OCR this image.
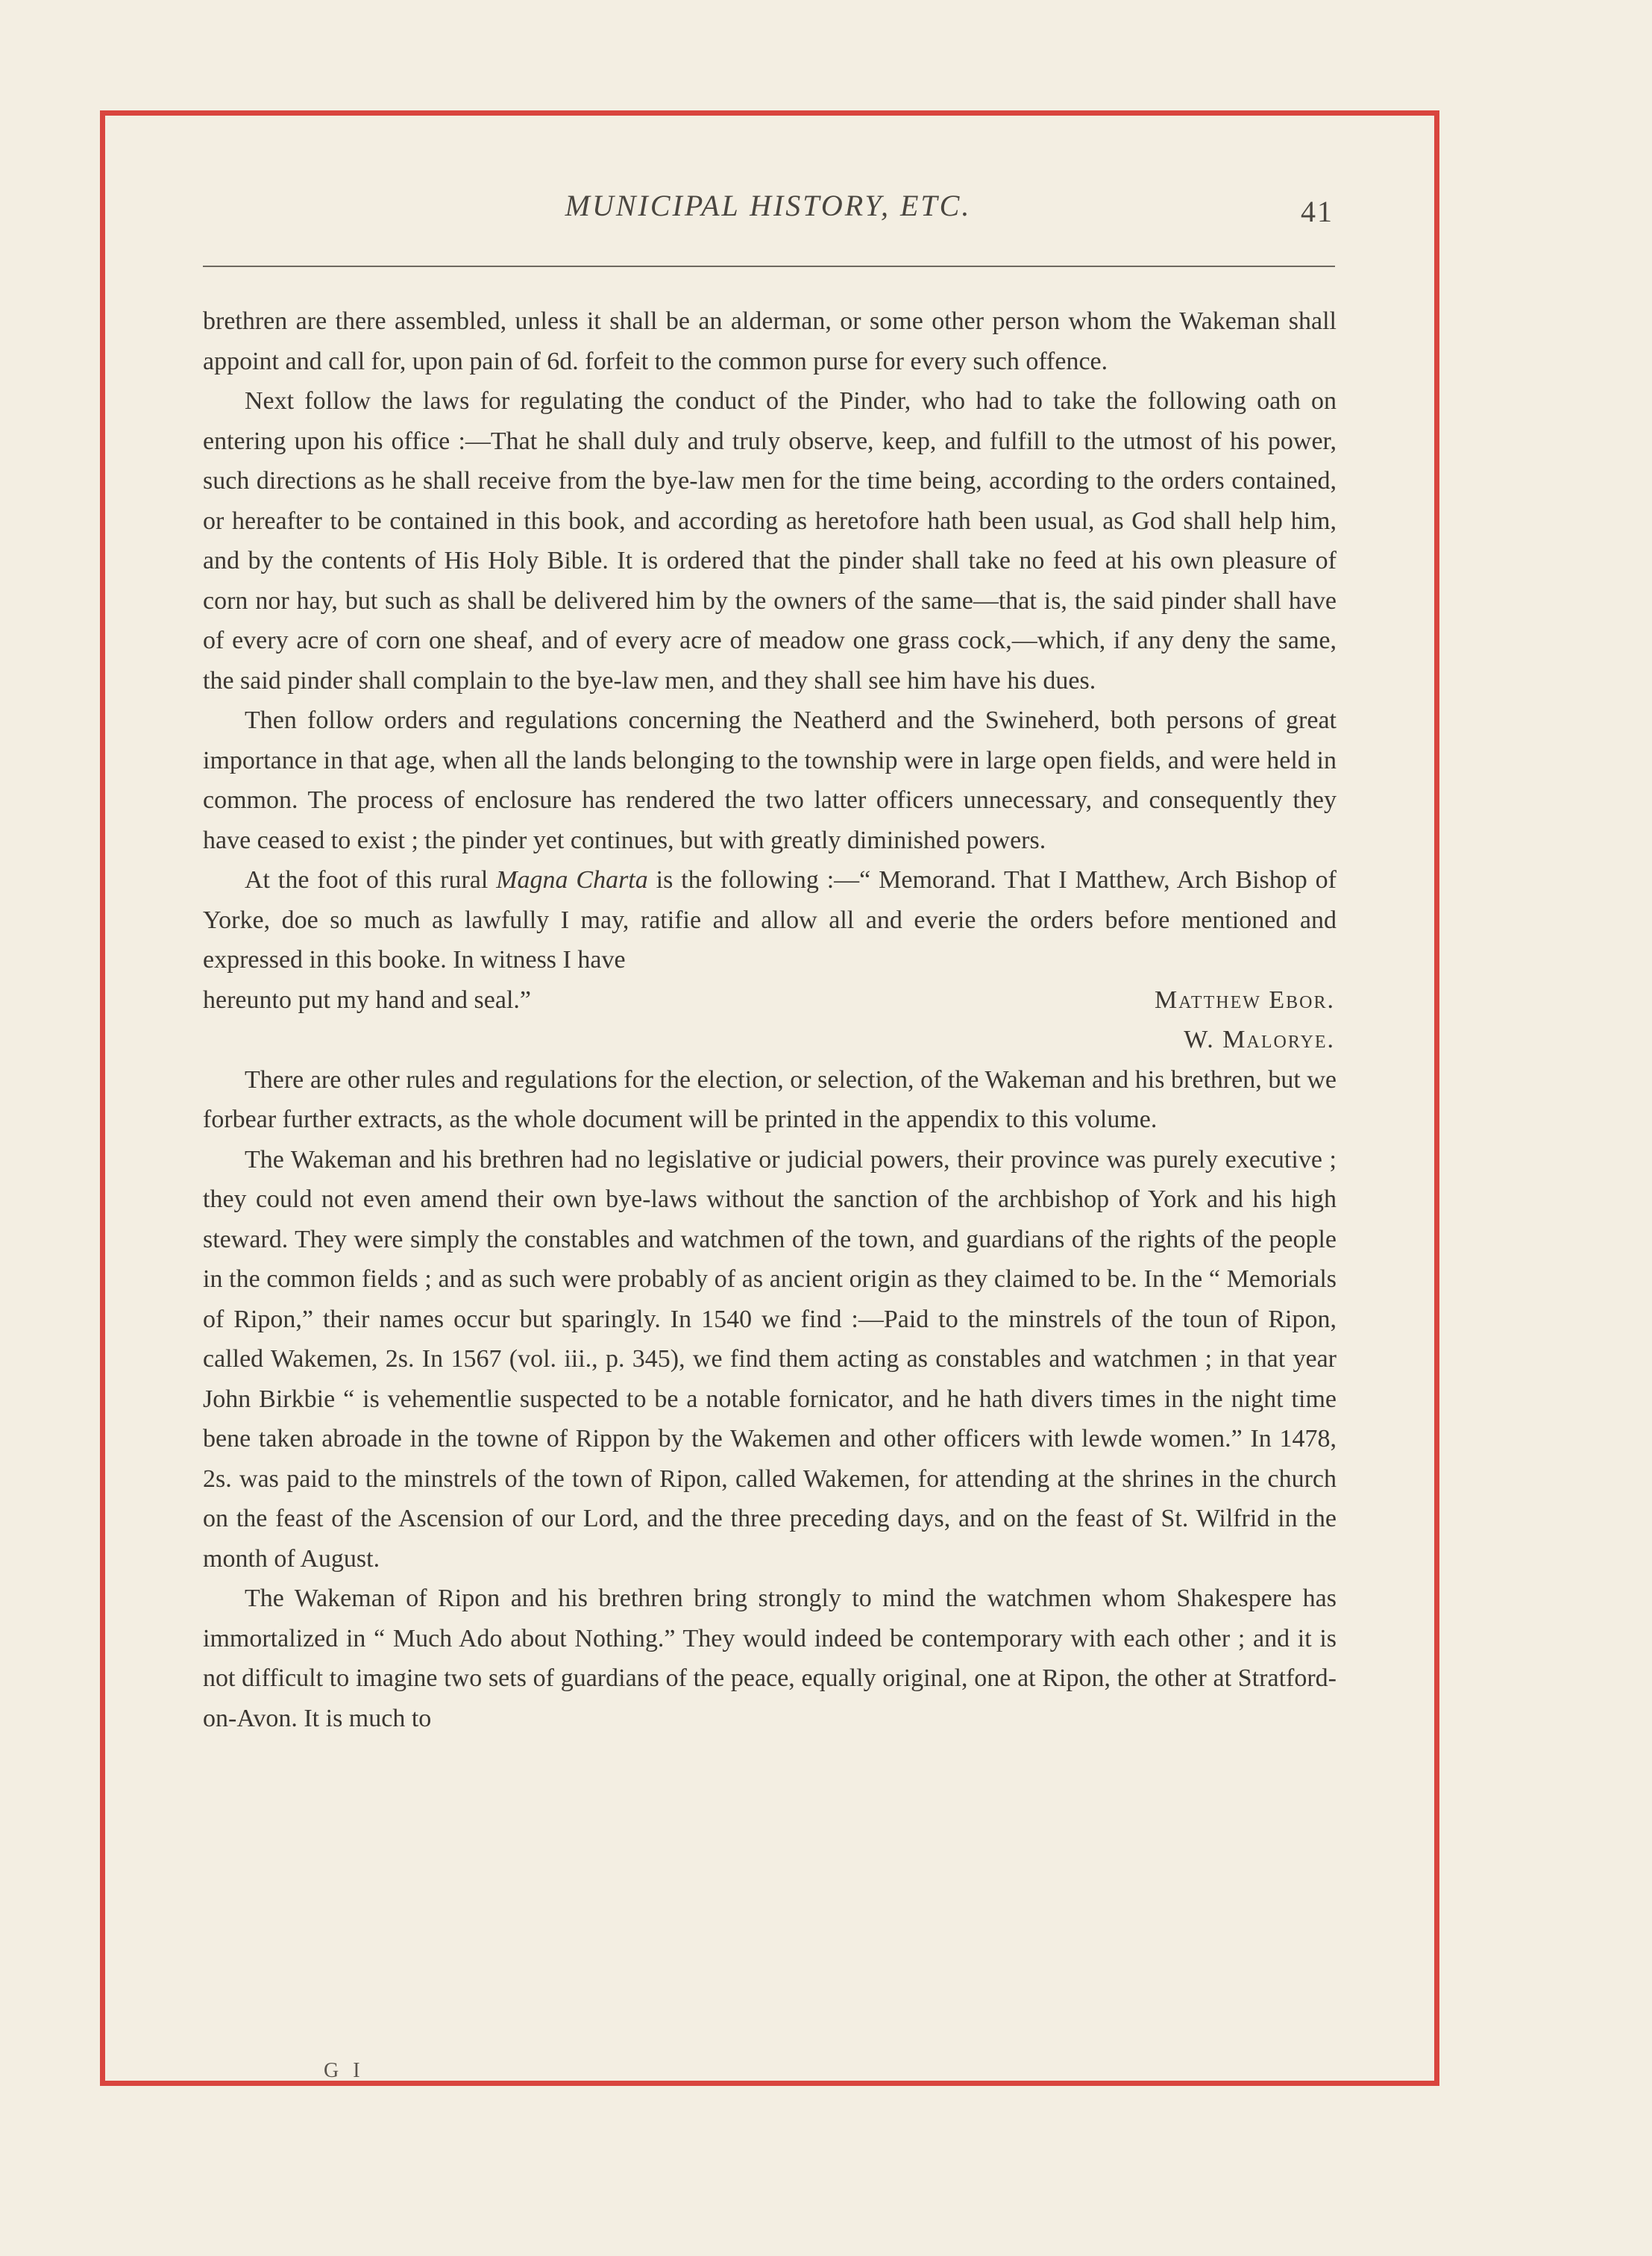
MUNICIPAL HISTORY, ETC.	41

brethren are there assembled, unless it shall be an alderman, or some other person whom the Wakeman shall appoint and call for, upon pain of 6d. forfeit to the common purse for every such offence.

Next follow the laws for regulating the conduct of the Pinder, who had to take the following oath on entering upon his office :—That he shall duly and truly observe, keep, and fulfill to the utmost of his power, such directions as he shall receive from the bye-law men for the time being, according to the orders contained, or hereafter to be contained in this book, and according as heretofore hath been usual, as God shall help him, and by the contents of His Holy Bible. It is ordered that the pinder shall take no feed at his own pleasure of corn nor hay, but such as shall be delivered him by the owners of the same—that is, the said pinder shall have of every acre of corn one sheaf, and of every acre of meadow one grass cock,—which, if any deny the same, the said pinder shall complain to the bye-law men, and they shall see him have his dues.

Then follow orders and regulations concerning the Neatherd and the Swineherd, both persons of great importance in that age, when all the lands belonging to the township were in large open fields, and were held in common. The process of enclosure has rendered the two latter officers unnecessary, and consequently they have ceased to exist ; the pinder yet continues, but with greatly diminished powers.

At the foot of this rural Magna Charta is the following :—“ Memorand. That I Matthew, Arch Bishop of Yorke, doe so much as lawfully I may, ratifie and allow all and everie the orders before mentioned and expressed in this booke. In witness I have

hereunto put my hand and seal.”	Matthew Ebor.
W. Malorye.

There are other rules and regulations for the election, or selection, of the Wakeman and his brethren, but we forbear further extracts, as the whole document will be printed in the appendix to this volume.

The Wakeman and his brethren had no legislative or judicial powers, their province was purely executive ; they could not even amend their own bye-laws without the sanction of the archbishop of York and his high steward. They were simply the constables and watchmen of the town, and guardians of the rights of the people in the common fields ; and as such were probably of as ancient origin as they claimed to be. In the “ Memorials of Ripon,” their names occur but sparingly. In 1540 we find :—Paid to the minstrels of the toun of Ripon, called Wakemen, 2s. In 1567 (vol. iii., p. 345), we find them acting as constables and watchmen ; in that year John Birkbie “ is vehementlie suspected to be a notable fornicator, and he hath divers times in the night time bene taken abroade in the towne of Rippon by the Wakemen and other officers with lewde women.” In 1478, 2s. was paid to the minstrels of the town of Ripon, called Wakemen, for attending at the shrines in the church on the feast of the Ascension of our Lord, and the three preceding days, and on the feast of St. Wilfrid in the month of August.

The Wakeman of Ripon and his brethren bring strongly to mind the watchmen whom Shakespere has immortalized in “ Much Ado about Nothing.” They would indeed be contemporary with each other ; and it is not difficult to imagine two sets of guardians of the peace, equally original, one at Ripon, the other at Stratford-on-Avon. It is much to

G I
